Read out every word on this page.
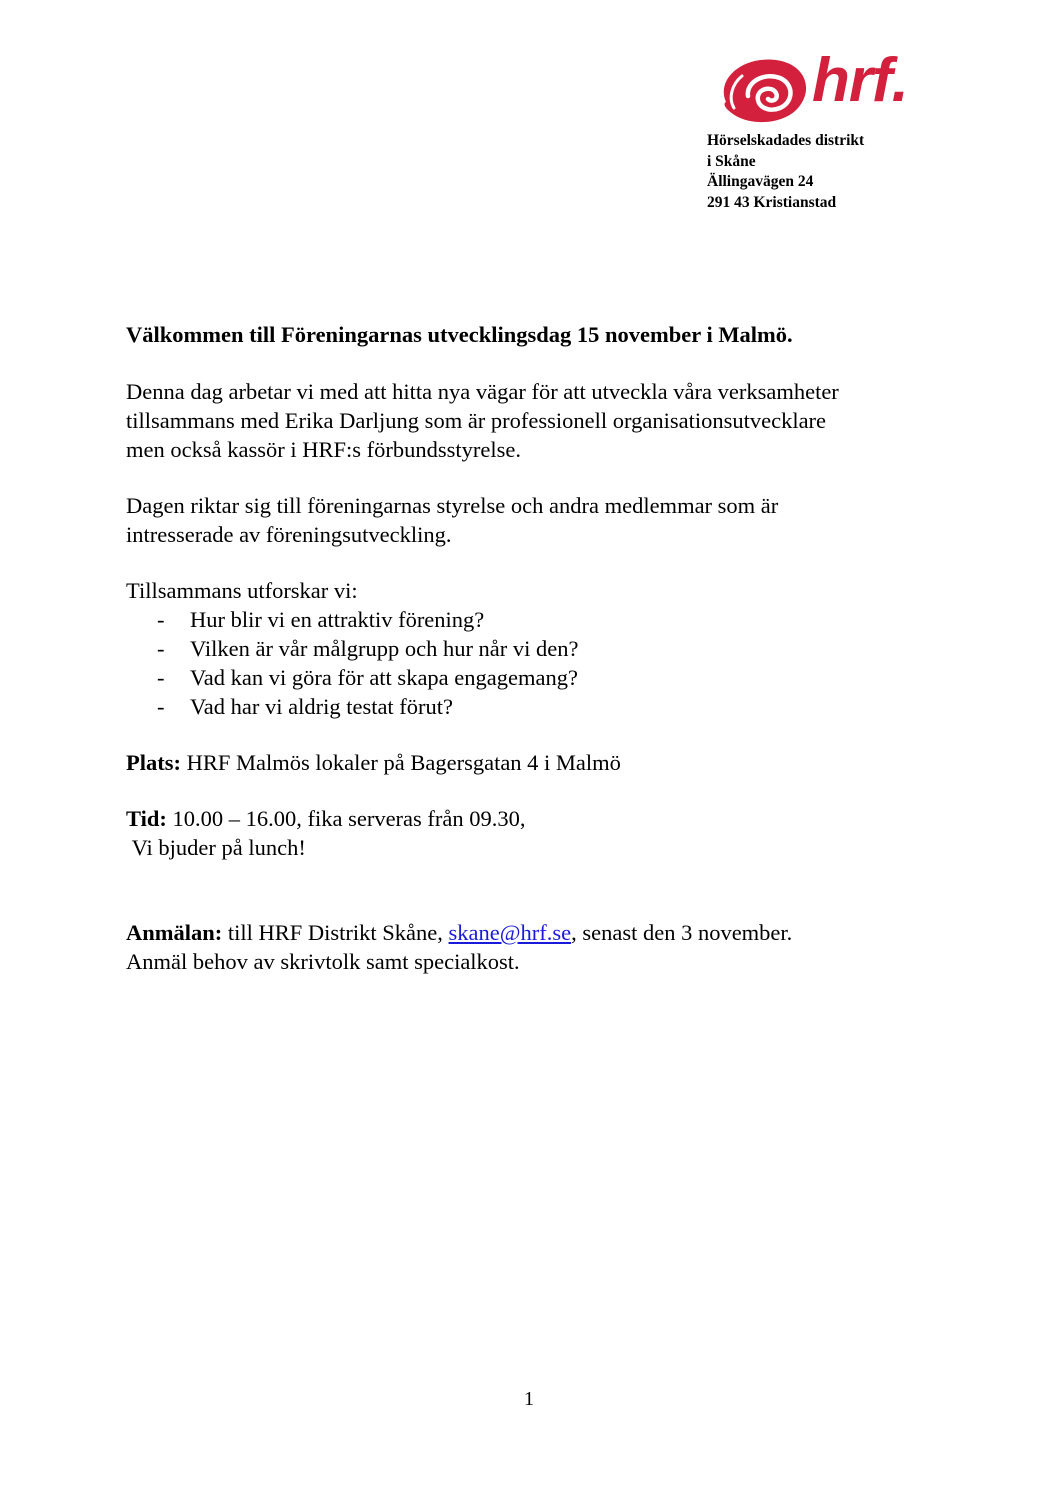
hrf.
Hörselskadades distrikt
i Skåne
Ällingavägen 24
291 43 Kristianstad

Välkommen till Föreningarnas utvecklingsdag 15 november i Malmö.

Denna dag arbetar vi med att hitta nya vägar för att utveckla våra verksamheter

tillsammans med Erika Darljung som är professionell organisationsutvecklare

men också kassör i HRF:s förbundsstyrelse.

Dagen riktar sig till föreningarnas styrelse och andra medlemmar som är

intresserade av föreningsutveckling.

Tillsammans utforskar vi:

- Hur blir vi en attraktiv förening?
- Vilken är vår målgrupp och hur når vi den?
- Vad kan vi göra för att skapa engagemang?
- Vad har vi aldrig testat förut?

Plats: HRF Malmös lokaler på Bagersgatan 4 i Malmö

Tid: 10.00 – 16.00, fika serveras från 09.30,

Vi bjuder på lunch!

Anmälan: till HRF Distrikt Skåne, skane@hrf.se, senast den 3 november.

Anmäl behov av skrivtolk samt specialkost.

1
